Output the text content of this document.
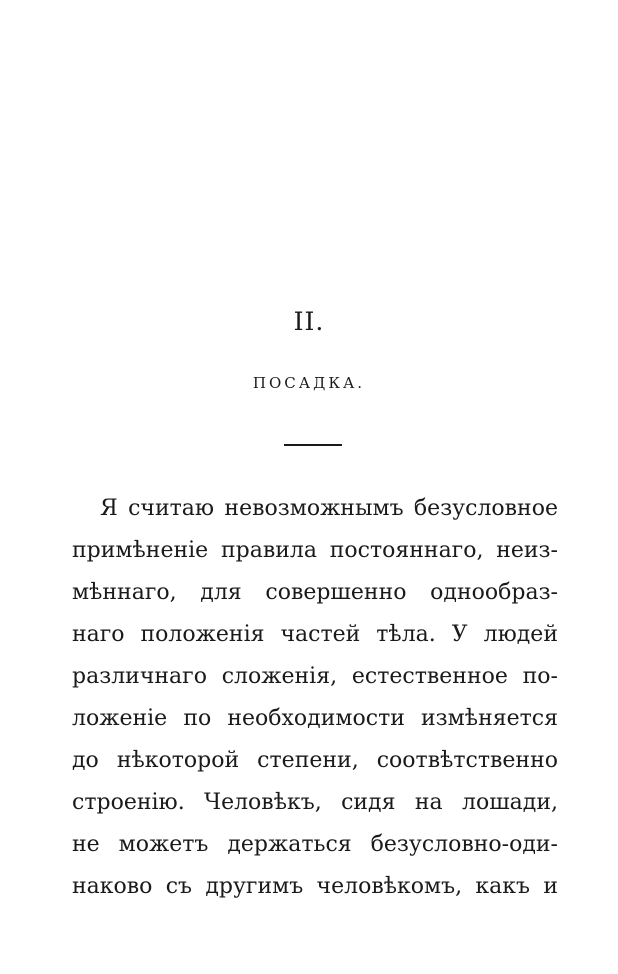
II.
ПОСАДКА.
Я считаю невозможнымъ безусловное
примѣненіе правила постояннаго, неиз-
мѣннаго, для совершенно однообраз-
наго положенія частей тѣла. У людей
различнаго сложенія, естественное по-
ложеніе по необходимости измѣняется
до нѣкоторой степени, соотвѣтственно
строенію. Человѣкъ, сидя на лошади,
не можетъ держаться безусловно-оди-
наково съ другимъ человѣкомъ, какъ и
